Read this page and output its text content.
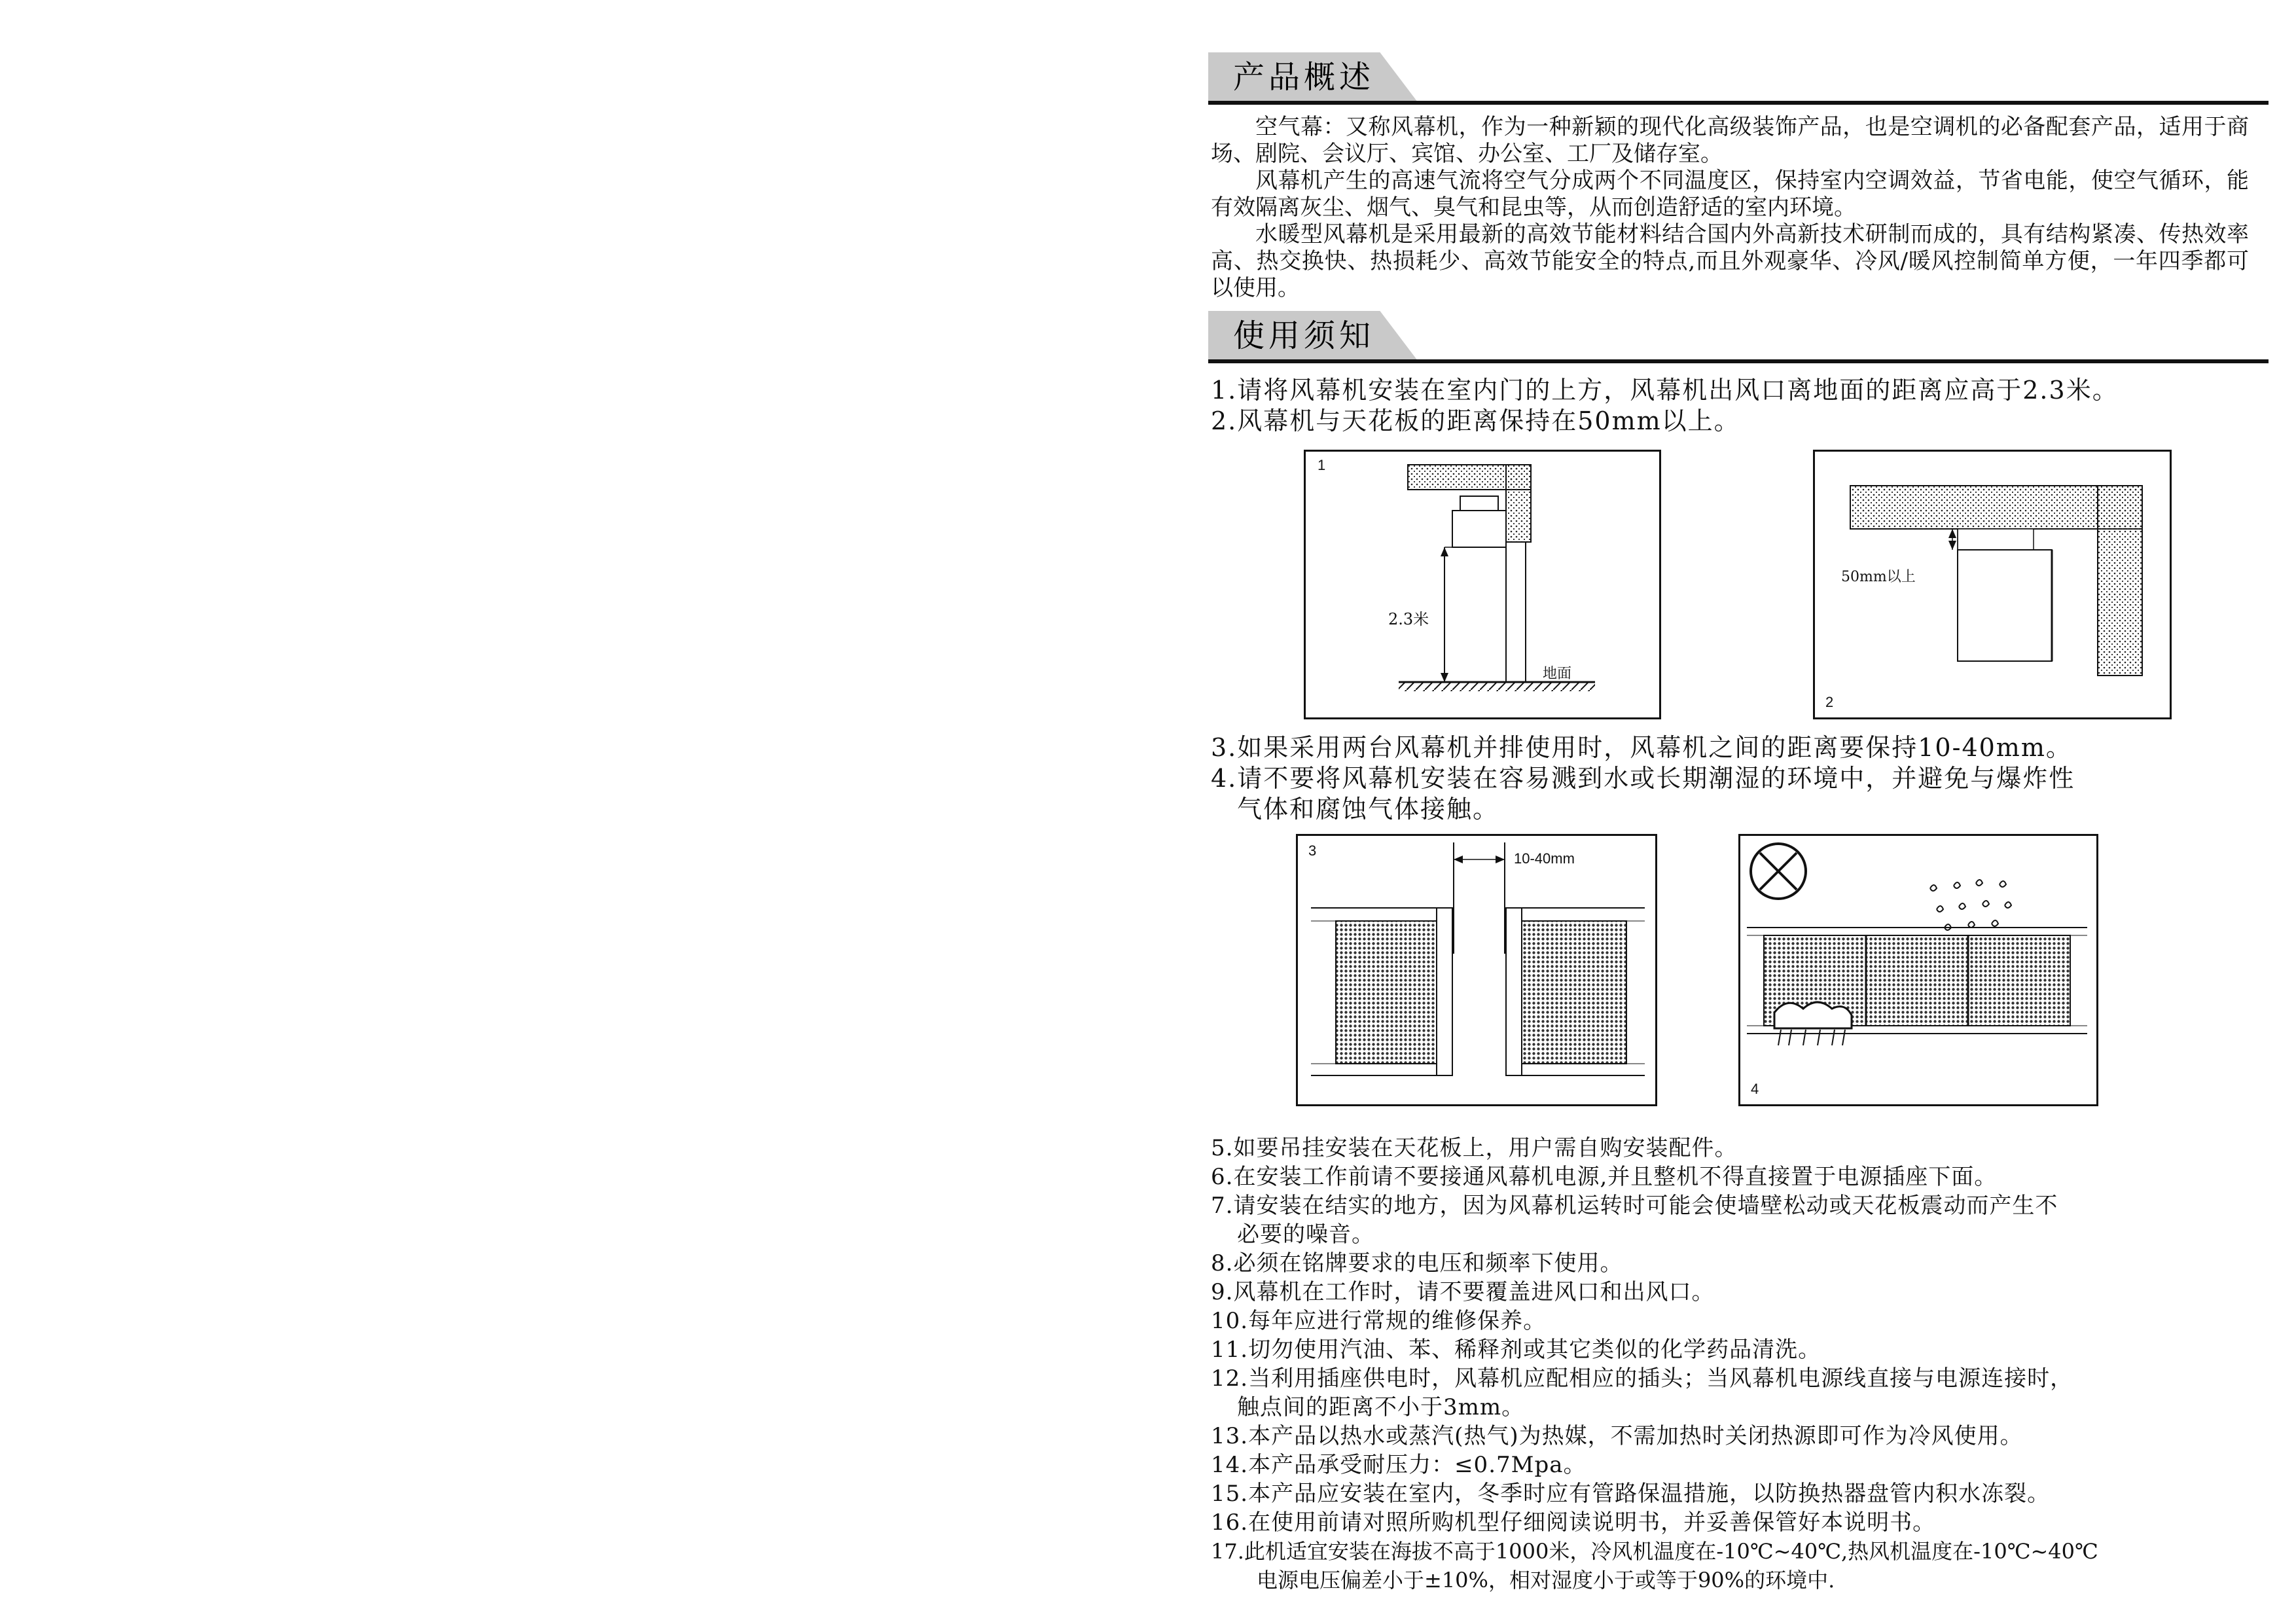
产品概述

空气幕：又称风幕机，作为一种新颖的现代化高级装饰产品，也是空调机的必备配套产品，适用于商场、剧院、会议厅、宾馆、办公室、工厂及储存室。

风幕机产生的高速气流将空气分成两个不同温度区，保持室内空调效益，节省电能，使空气循环，能有效隔离灰尘、烟气、臭气和昆虫等，从而创造舒适的室内环境。

水暖型风幕机是采用最新的高效节能材料结合国内外高新技术研制而成的，具有结构紧凑、传热效率高、热交换快、热损耗少、高效节能安全的特点,而且外观豪华、冷风/暖风控制简单方便，一年四季都可以使用。

使用须知

1.请将风幕机安装在室内门的上方，风幕机出风口离地面的距离应高于2.3米。

2.风幕机与天花板的距离保持在50mm以上。

1
2.3米
地面
2
50mm以上

3.如果采用两台风幕机并排使用时，风幕机之间的距离要保持10-40mm。

4.请不要将风幕机安装在容易溅到水或长期潮湿的环境中，并避免与爆炸性

气体和腐蚀气体接触。

3	10-40mm
4

5.如要吊挂安装在天花板上，用户需自购安装配件。

6.在安装工作前请不要接通风幕机电源,并且整机不得直接置于电源插座下面。

7.请安装在结实的地方，因为风幕机运转时可能会使墙壁松动或天花板震动而产生不

必要的噪音。

8.必须在铭牌要求的电压和频率下使用。

9.风幕机在工作时，请不要覆盖进风口和出风口。

10.每年应进行常规的维修保养。

11.切勿使用汽油、苯、稀释剂或其它类似的化学药品清洗。

12.当利用插座供电时，风幕机应配相应的插头；当风幕机电源线直接与电源连接时，

触点间的距离不小于3mm。

13.本产品以热水或蒸汽(热气)为热媒，不需加热时关闭热源即可作为冷风使用。

14.本产品承受耐压力：≤0.7Mpa。

15.本产品应安装在室内，冬季时应有管路保温措施，以防换热器盘管内积水冻裂。

16.在使用前请对照所购机型仔细阅读说明书，并妥善保管好本说明书。

17.此机适宜安装在海拔不高于1000米，冷风机温度在-10℃~40℃,热风机温度在-10℃~40℃

电源电压偏差小于±10%，相对湿度小于或等于90%的环境中.
